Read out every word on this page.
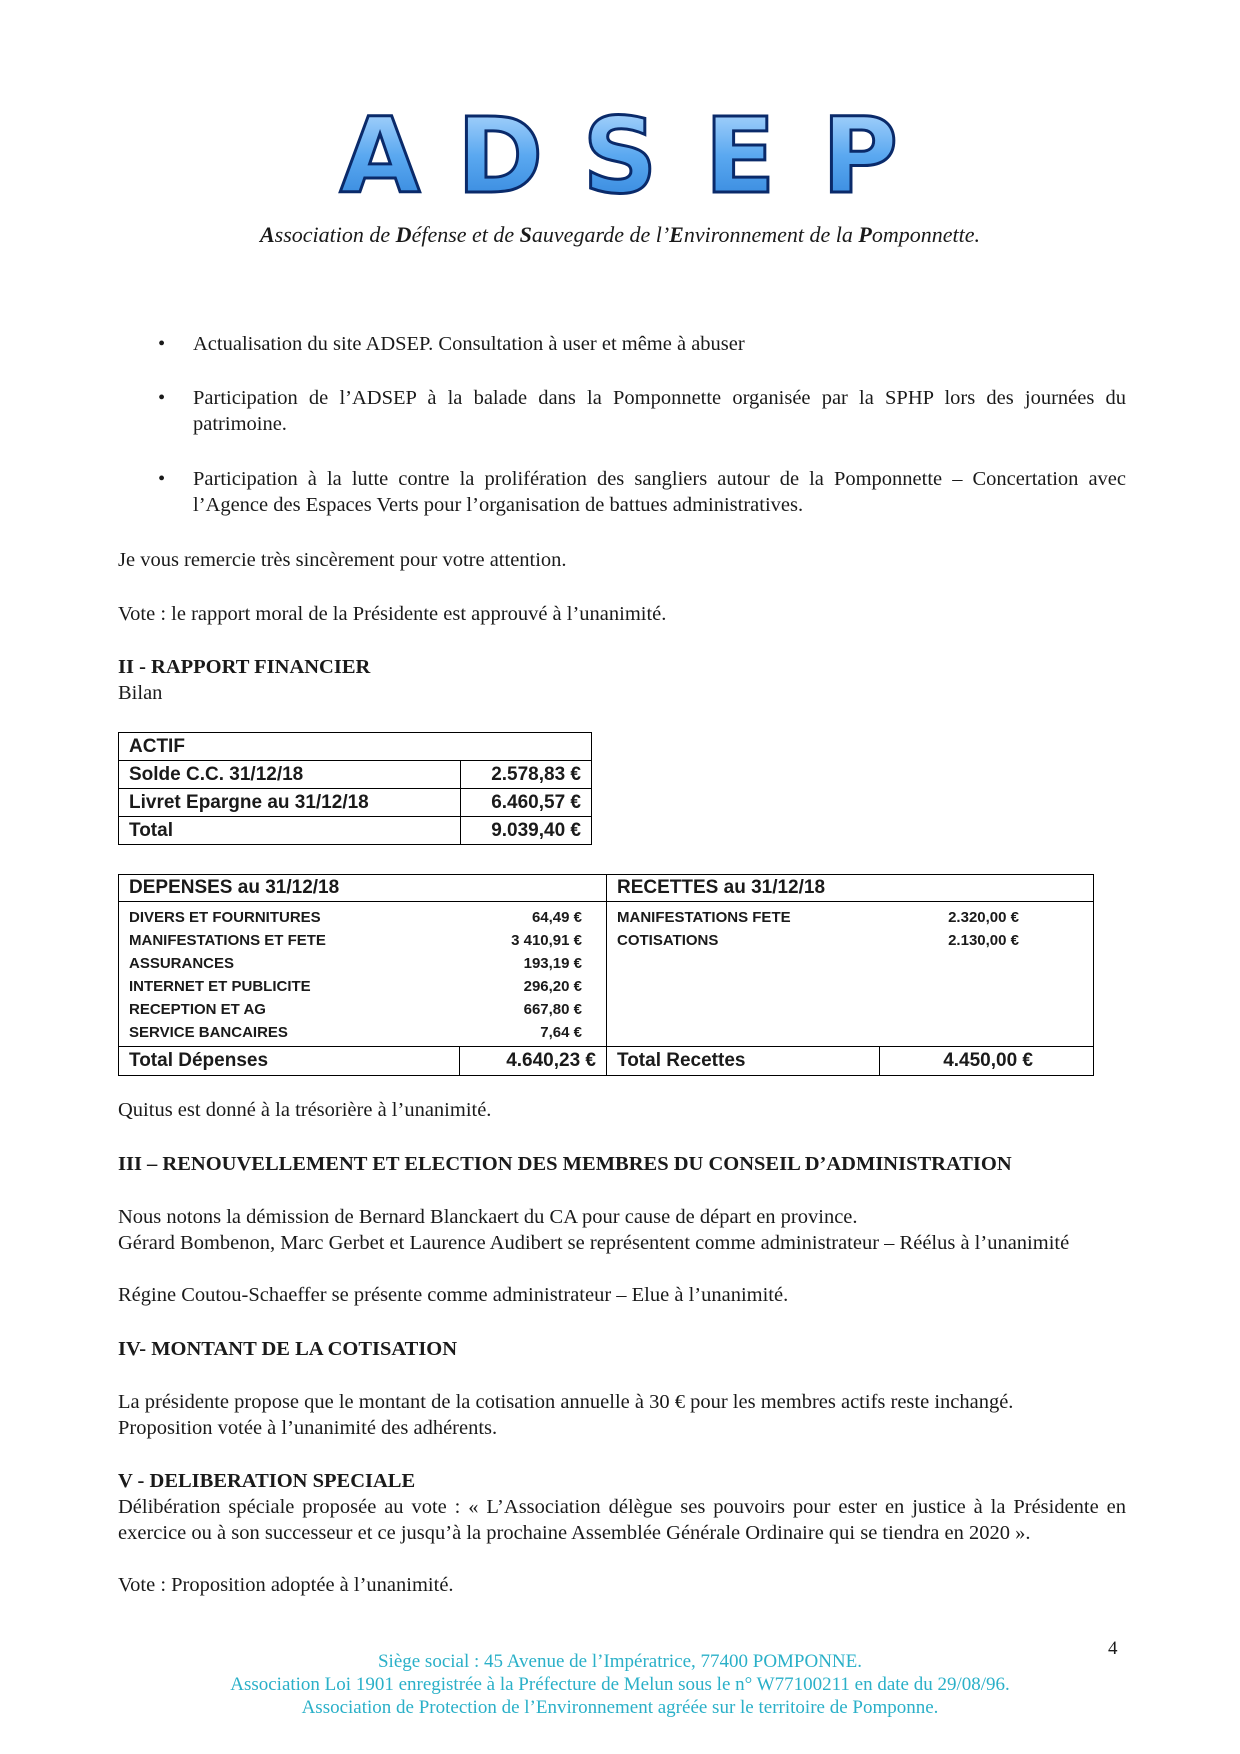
A D S E P
Association de Défense et de Sauvegarde de l’Environnement de la Pomponnette.
• Actualisation du site ADSEP. Consultation à user et même à abuser
• Participation de l’ADSEP à la balade dans la Pomponnette organisée par la SPHP lors des journées du patrimoine.
• Participation à la lutte contre la prolifération des sangliers autour de la Pomponnette – Concertation avec l’Agence des Espaces Verts pour l’organisation de battues administratives.
Je vous remercie très sincèrement pour votre attention.
Vote : le rapport moral de la Présidente est approuvé à l’unanimité.
II - RAPPORT FINANCIER
Bilan
ACTIF	
Solde C.C. 31/12/18	2.578,83 €
Livret Epargne au 31/12/18	6.460,57 €
Total	9.039,40 €
DEPENSES au 31/12/18	RECETTES au 31/12/18

DIVERS ET FOURNITURES	64,49 €
MANIFESTATIONS ET FETE	3 410,91 €
ASSURANCES	193,19 €
INTERNET ET PUBLICITE	296,20 €
RECEPTION ET AG	667,80 €
SERVICE BANCAIRES	7,64 €

MANIFESTATIONS FETE	2.320,00 €
COTISATIONS	2.130,00 €

Total Dépenses	4.640,23 €	Total Recettes	4.450,00 €
Quitus est donné à la trésorière à l’unanimité.
III – RENOUVELLEMENT ET ELECTION DES MEMBRES DU CONSEIL D’ADMINISTRATION
Nous notons la démission de Bernard Blanckaert du CA pour cause de départ en province.
Gérard Bombenon, Marc Gerbet et Laurence Audibert se représentent comme administrateur – Réélus à l’unanimité
Régine Coutou-Schaeffer se présente comme administrateur – Elue à l’unanimité.
IV- MONTANT DE LA COTISATION
La présidente propose que le montant de la cotisation annuelle à 30 € pour les membres actifs reste inchangé.
Proposition votée à l’unanimité des adhérents.
V - DELIBERATION SPECIALE
Délibération spéciale proposée au vote : « L’Association délègue ses pouvoirs pour ester en justice à la Présidente en exercice ou à son successeur et ce jusqu’à la prochaine Assemblée Générale Ordinaire qui se tiendra en 2020 ».
Vote : Proposition adoptée à l’unanimité.
4
Siège social : 45 Avenue de l’Impératrice, 77400 POMPONNE.
Association Loi 1901 enregistrée à la Préfecture de Melun sous le n° W77100211 en date du 29/08/96.
Association de Protection de l’Environnement agréée sur le territoire de Pomponne.
